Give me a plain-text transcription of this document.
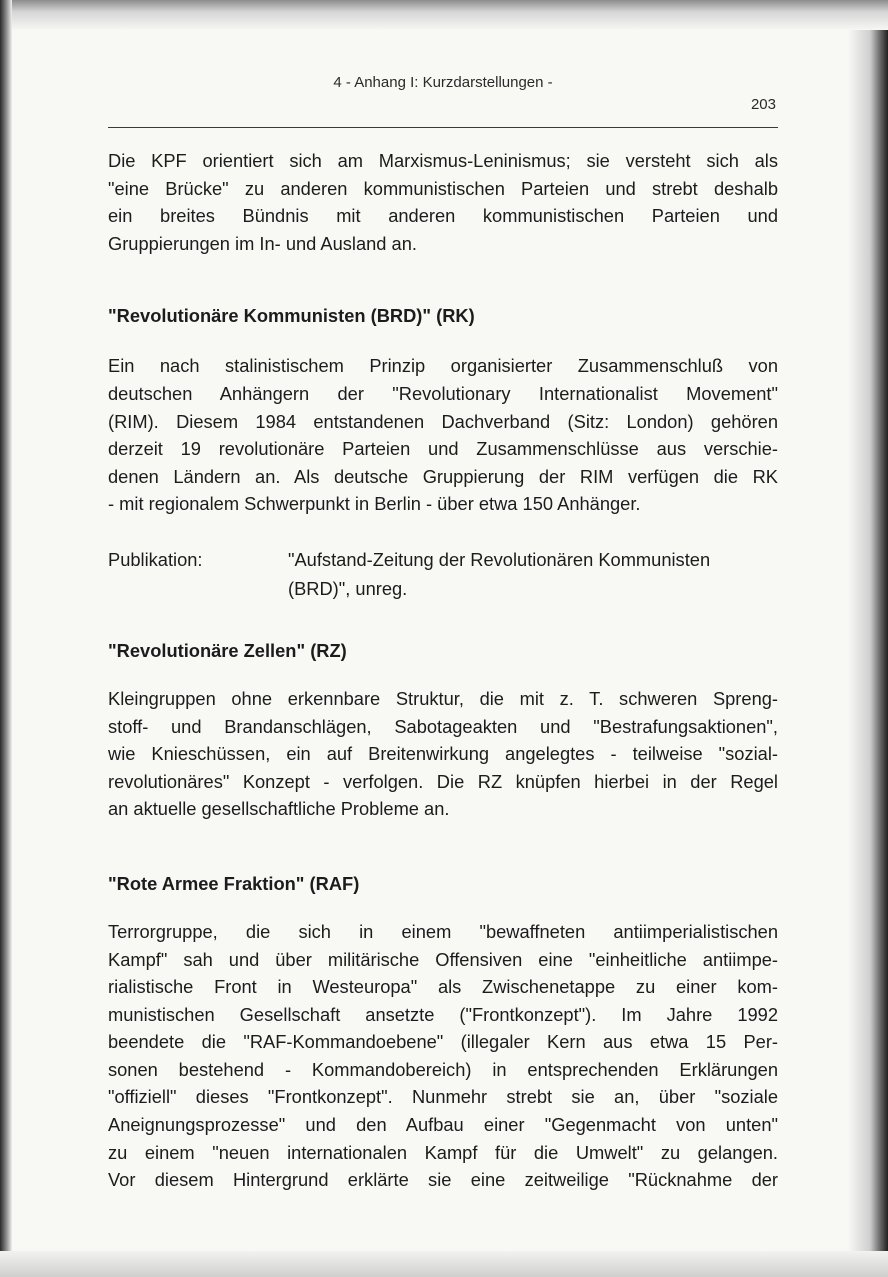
4 - Anhang I: Kurzdarstellungen -
203

Die KPF orientiert sich am Marxismus-Leninismus; sie versteht sich als
"eine Brücke" zu anderen kommunistischen Parteien und strebt deshalb
ein breites Bündnis mit anderen kommunistischen Parteien und
Gruppierungen im In- und Ausland an.

"Revolutionäre Kommunisten (BRD)" (RK)

Ein nach stalinistischem Prinzip organisierter Zusammenschluß von
deutschen Anhängern der "Revolutionary Internationalist Movement"
(RIM). Diesem 1984 entstandenen Dachverband (Sitz: London) gehören
derzeit 19 revolutionäre Parteien und Zusammenschlüsse aus verschie-
denen Ländern an. Als deutsche Gruppierung der RIM verfügen die RK
- mit regionalem Schwerpunkt in Berlin - über etwa 150 Anhänger.

Publikation:	"Aufstand-Zeitung der Revolutionären Kommunisten
(BRD)", unreg.
"Revolutionäre Zellen" (RZ)

Kleingruppen ohne erkennbare Struktur, die mit z. T. schweren Spreng-
stoff- und Brandanschlägen, Sabotageakten und "Bestrafungsaktionen",
wie Knieschüssen, ein auf Breitenwirkung angelegtes - teilweise "sozial-
revolutionäres" Konzept - verfolgen. Die RZ knüpfen hierbei in der Regel
an aktuelle gesellschaftliche Probleme an.

"Rote Armee Fraktion" (RAF)

Terrorgruppe, die sich in einem "bewaffneten antiimperialistischen
Kampf" sah und über militärische Offensiven eine "einheitliche antiimpe-
rialistische Front in Westeuropa" als Zwischenetappe zu einer kom-
munistischen Gesellschaft ansetzte ("Frontkonzept"). Im Jahre 1992
beendete die "RAF-Kommandoebene" (illegaler Kern aus etwa 15 Per-
sonen bestehend - Kommandobereich) in entsprechenden Erklärungen
"offiziell" dieses "Frontkonzept". Nunmehr strebt sie an, über "soziale
Aneignungsprozesse" und den Aufbau einer "Gegenmacht von unten"
zu einem "neuen internationalen Kampf für die Umwelt" zu gelangen.
Vor diesem Hintergrund erklärte sie eine zeitweilige "Rücknahme der
